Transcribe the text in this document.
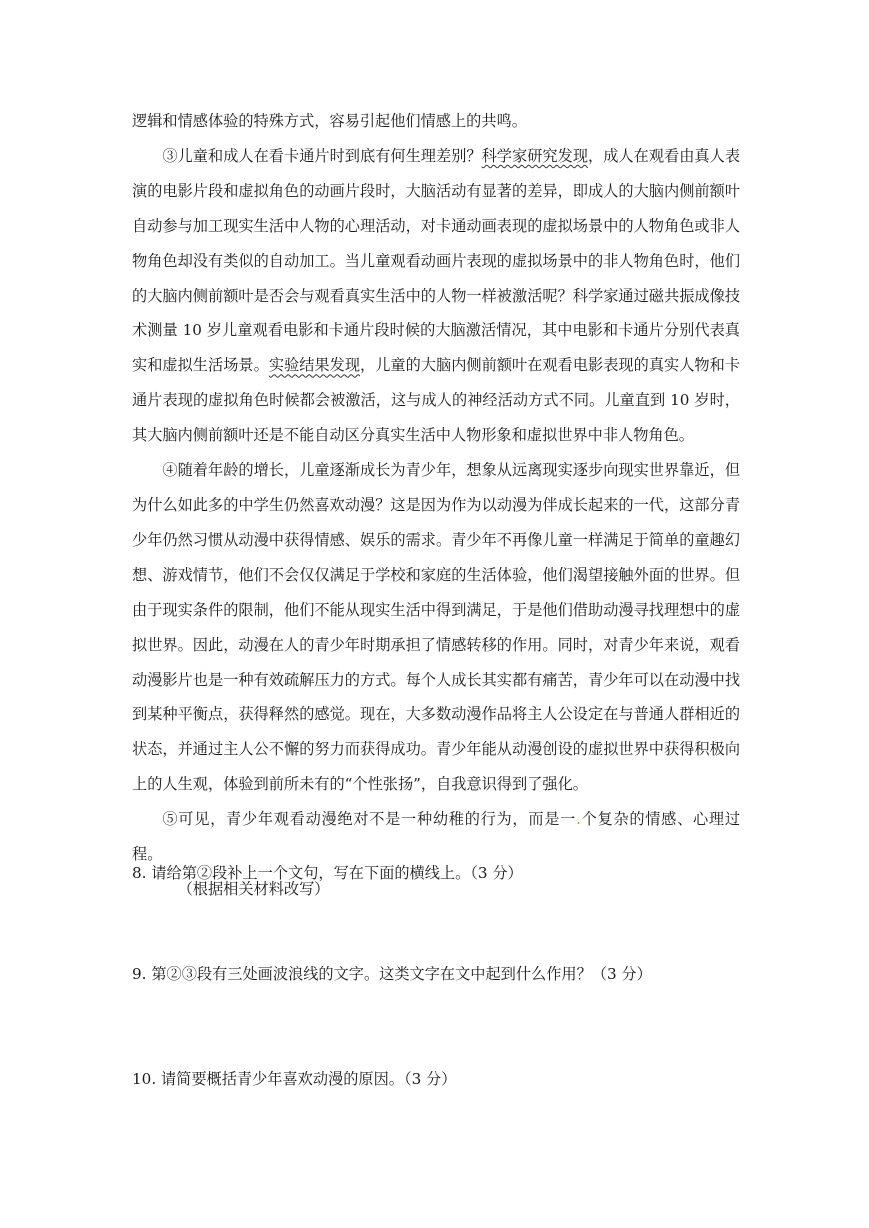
逻辑和情感体验的特殊方式，容易引起他们情感上的共鸣。

③儿童和成人在看卡通片时到底有何生理差别？科学家研究发现，成人在观看由真人表演的电影片段和虚拟角色的动画片段时，大脑活动有显著的差异，即成人的大脑内侧前额叶自动参与加工现实生活中人物的心理活动，对卡通动画表现的虚拟场景中的人物角色或非人物角色却没有类似的自动加工。当儿童观看动画片表现的虚拟场景中的非人物角色时，他们的大脑内侧前额叶是否会与观看真实生活中的人物一样被激活呢？科学家通过磁共振成像技术测量 10 岁儿童观看电影和卡通片段时候的大脑激活情况，其中电影和卡通片分别代表真实和虚拟生活场景。实验结果发现，儿童的大脑内侧前额叶在观看电影表现的真实人物和卡通片表现的虚拟角色时候都会被激活，这与成人的神经活动方式不同。儿童直到 10 岁时，其大脑内侧前额叶还是不能自动区分真实生活中人物形象和虚拟世界中非人物角色。

④随着年龄的增长，儿童逐渐成长为青少年，想象从远离现实逐步向现实世界靠近，但为什么如此多的中学生仍然喜欢动漫？这是因为作为以动漫为伴成长起来的一代，这部分青少年仍然习惯从动漫中获得情感、娱乐的需求。青少年不再像儿童一样满足于简单的童趣幻想、游戏情节，他们不会仅仅满足于学校和家庭的生活体验，他们渴望接触外面的世界。但由于现实条件的限制，他们不能从现实生活中得到满足，于是他们借助动漫寻找理想中的虚拟世界。因此，动漫在人的青少年时期承担了情感转移的作用。同时，对青少年来说，观看动漫影片也是一种有效疏解压力的方式。每个人成长其实都有痛苦，青少年可以在动漫中找到某种平衡点，获得释然的感觉。现在，大多数动漫作品将主人公设定在与普通人群相近的状态，并通过主人公不懈的努力而获得成功。青少年能从动漫创设的虚拟世界中获得积极向上的人生观，体验到前所未有的“个性张扬”，自我意识得到了强化。

⑤可见，青少年观看动漫绝对不是一种幼稚的行为，而是一.个复杂的情感、心理过程。

（根据相关材料改写）

8. 请给第②段补上一个文句，写在下面的横线上。（3 分）
9. 第②③段有三处画波浪线的文字。这类文字在文中起到什么作用？（3 分）
10. 请简要概括青少年喜欢动漫的原因。（3 分）
